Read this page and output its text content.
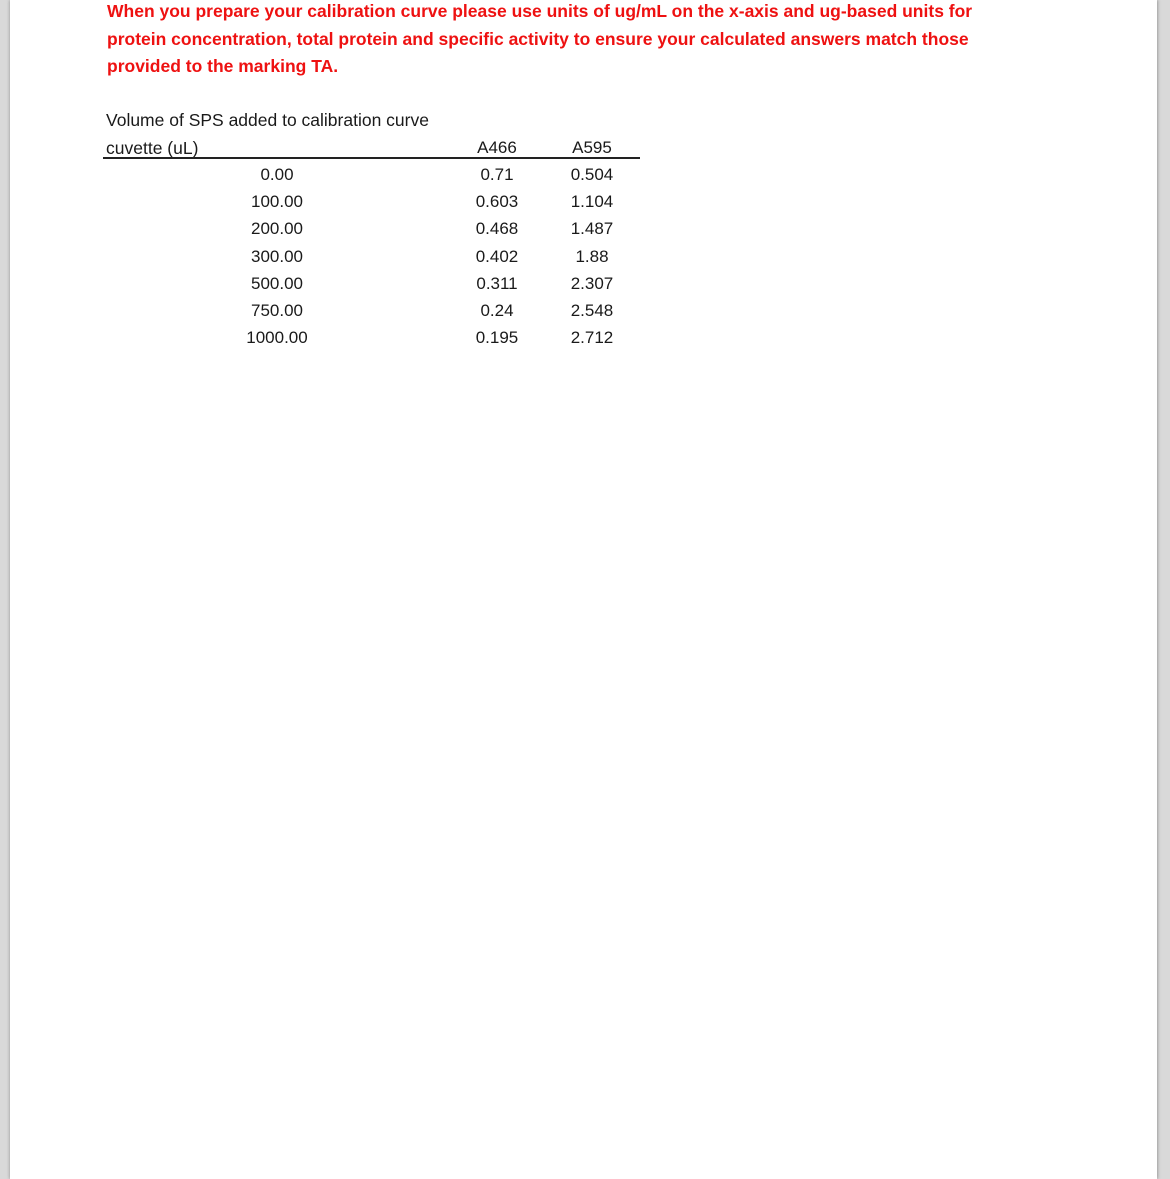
When you prepare your calibration curve please use units of ug/mL on the x-axis and ug-based units for protein concentration, total protein and specific activity to ensure your calculated answers match those provided to the marking TA.

Volume of SPS added to calibration curve cuvette (uL)	A466	A595
0.00	0.71	0.504
100.00	0.603	1.104
200.00	0.468	1.487
300.00	0.402	1.88
500.00	0.311	2.307
750.00	0.24	2.548
1000.00	0.195	2.712
